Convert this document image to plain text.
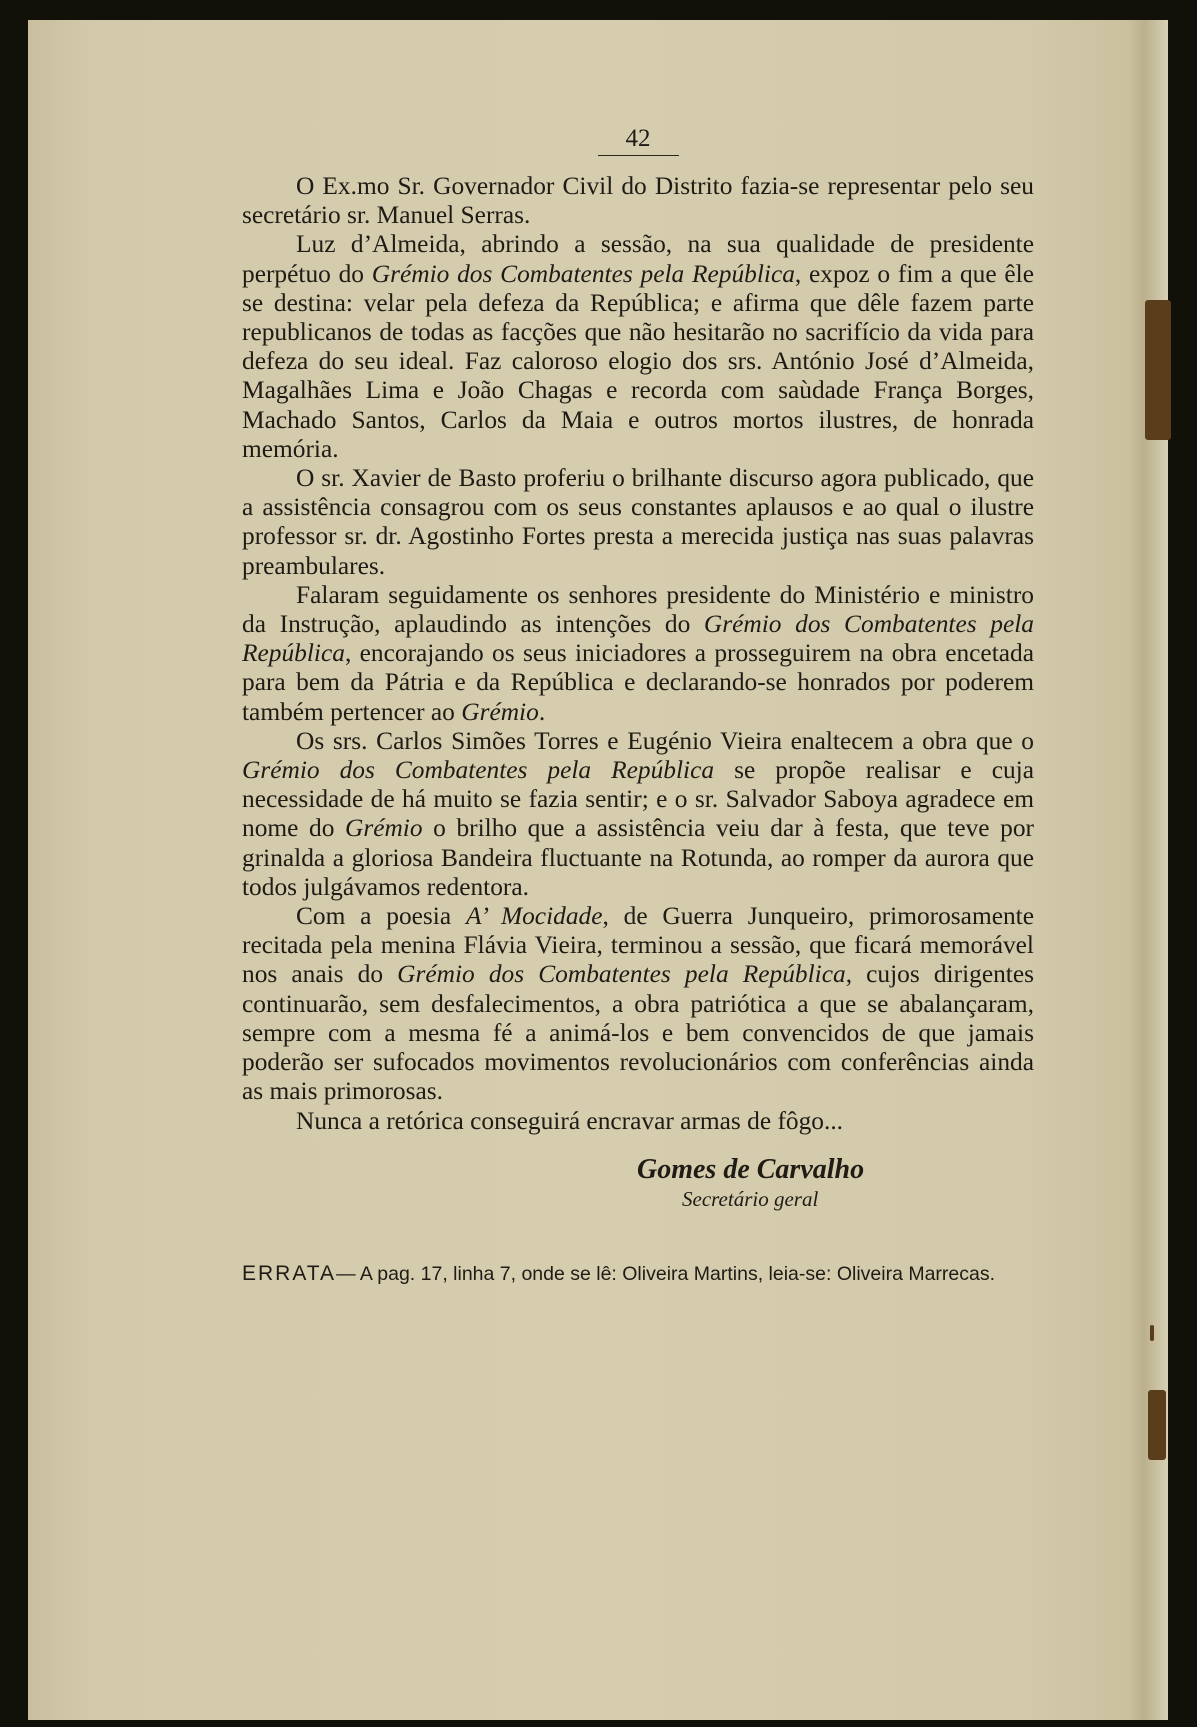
42

O Ex.mo Sr. Governador Civil do Distrito fazia-se representar pelo seu secretário sr. Manuel Serras.

Luz d’Almeida, abrindo a sessão, na sua qualidade de presidente perpétuo do Grémio dos Combatentes pela República, expoz o fim a que êle se destina: velar pela defeza da República; e afirma que dêle fazem parte republicanos de todas as facções que não hesitarão no sacrifício da vida para defeza do seu ideal. Faz caloroso elogio dos srs. António José d’Almeida, Magalhães Lima e João Chagas e recorda com saùdade França Borges, Machado Santos, Carlos da Maia e outros mortos ilustres, de honrada memória.

O sr. Xavier de Basto proferiu o brilhante discurso agora publicado, que a assistência consagrou com os seus constantes aplausos e ao qual o ilustre professor sr. dr. Agostinho Fortes presta a merecida justiça nas suas palavras preambulares.

Falaram seguidamente os senhores presidente do Ministério e ministro da Instrução, aplaudindo as intenções do Grémio dos Combatentes pela República, encorajando os seus iniciadores a prosseguirem na obra encetada para bem da Pátria e da República e declarando-se honrados por poderem também pertencer ao Grémio.

Os srs. Carlos Simões Torres e Eugénio Vieira enaltecem a obra que o Grémio dos Combatentes pela República se propõe realisar e cuja necessidade de há muito se fazia sentir; e o sr. Salvador Saboya agradece em nome do Grémio o brilho que a assistência veiu dar à festa, que teve por grinalda a gloriosa Bandeira fluctuante na Rotunda, ao romper da aurora que todos julgávamos redentora.

Com a poesia A’ Mocidade, de Guerra Junqueiro, primorosamente recitada pela menina Flávia Vieira, terminou a sessão, que ficará memorável nos anais do Grémio dos Combatentes pela República, cujos dirigentes continuarão, sem desfalecimentos, a obra patriótica a que se abalançaram, sempre com a mesma fé a animá-los e bem convencidos de que jamais poderão ser sufocados movimentos revolucionários com conferências ainda as mais primorosas.

Nunca a retórica conseguirá encravar armas de fôgo...

Gomes de Carvalho
Secretário geral
ERRATA— A pag. 17, linha 7, onde se lê: Oliveira Martins, leia-se: Oliveira Marrecas.
